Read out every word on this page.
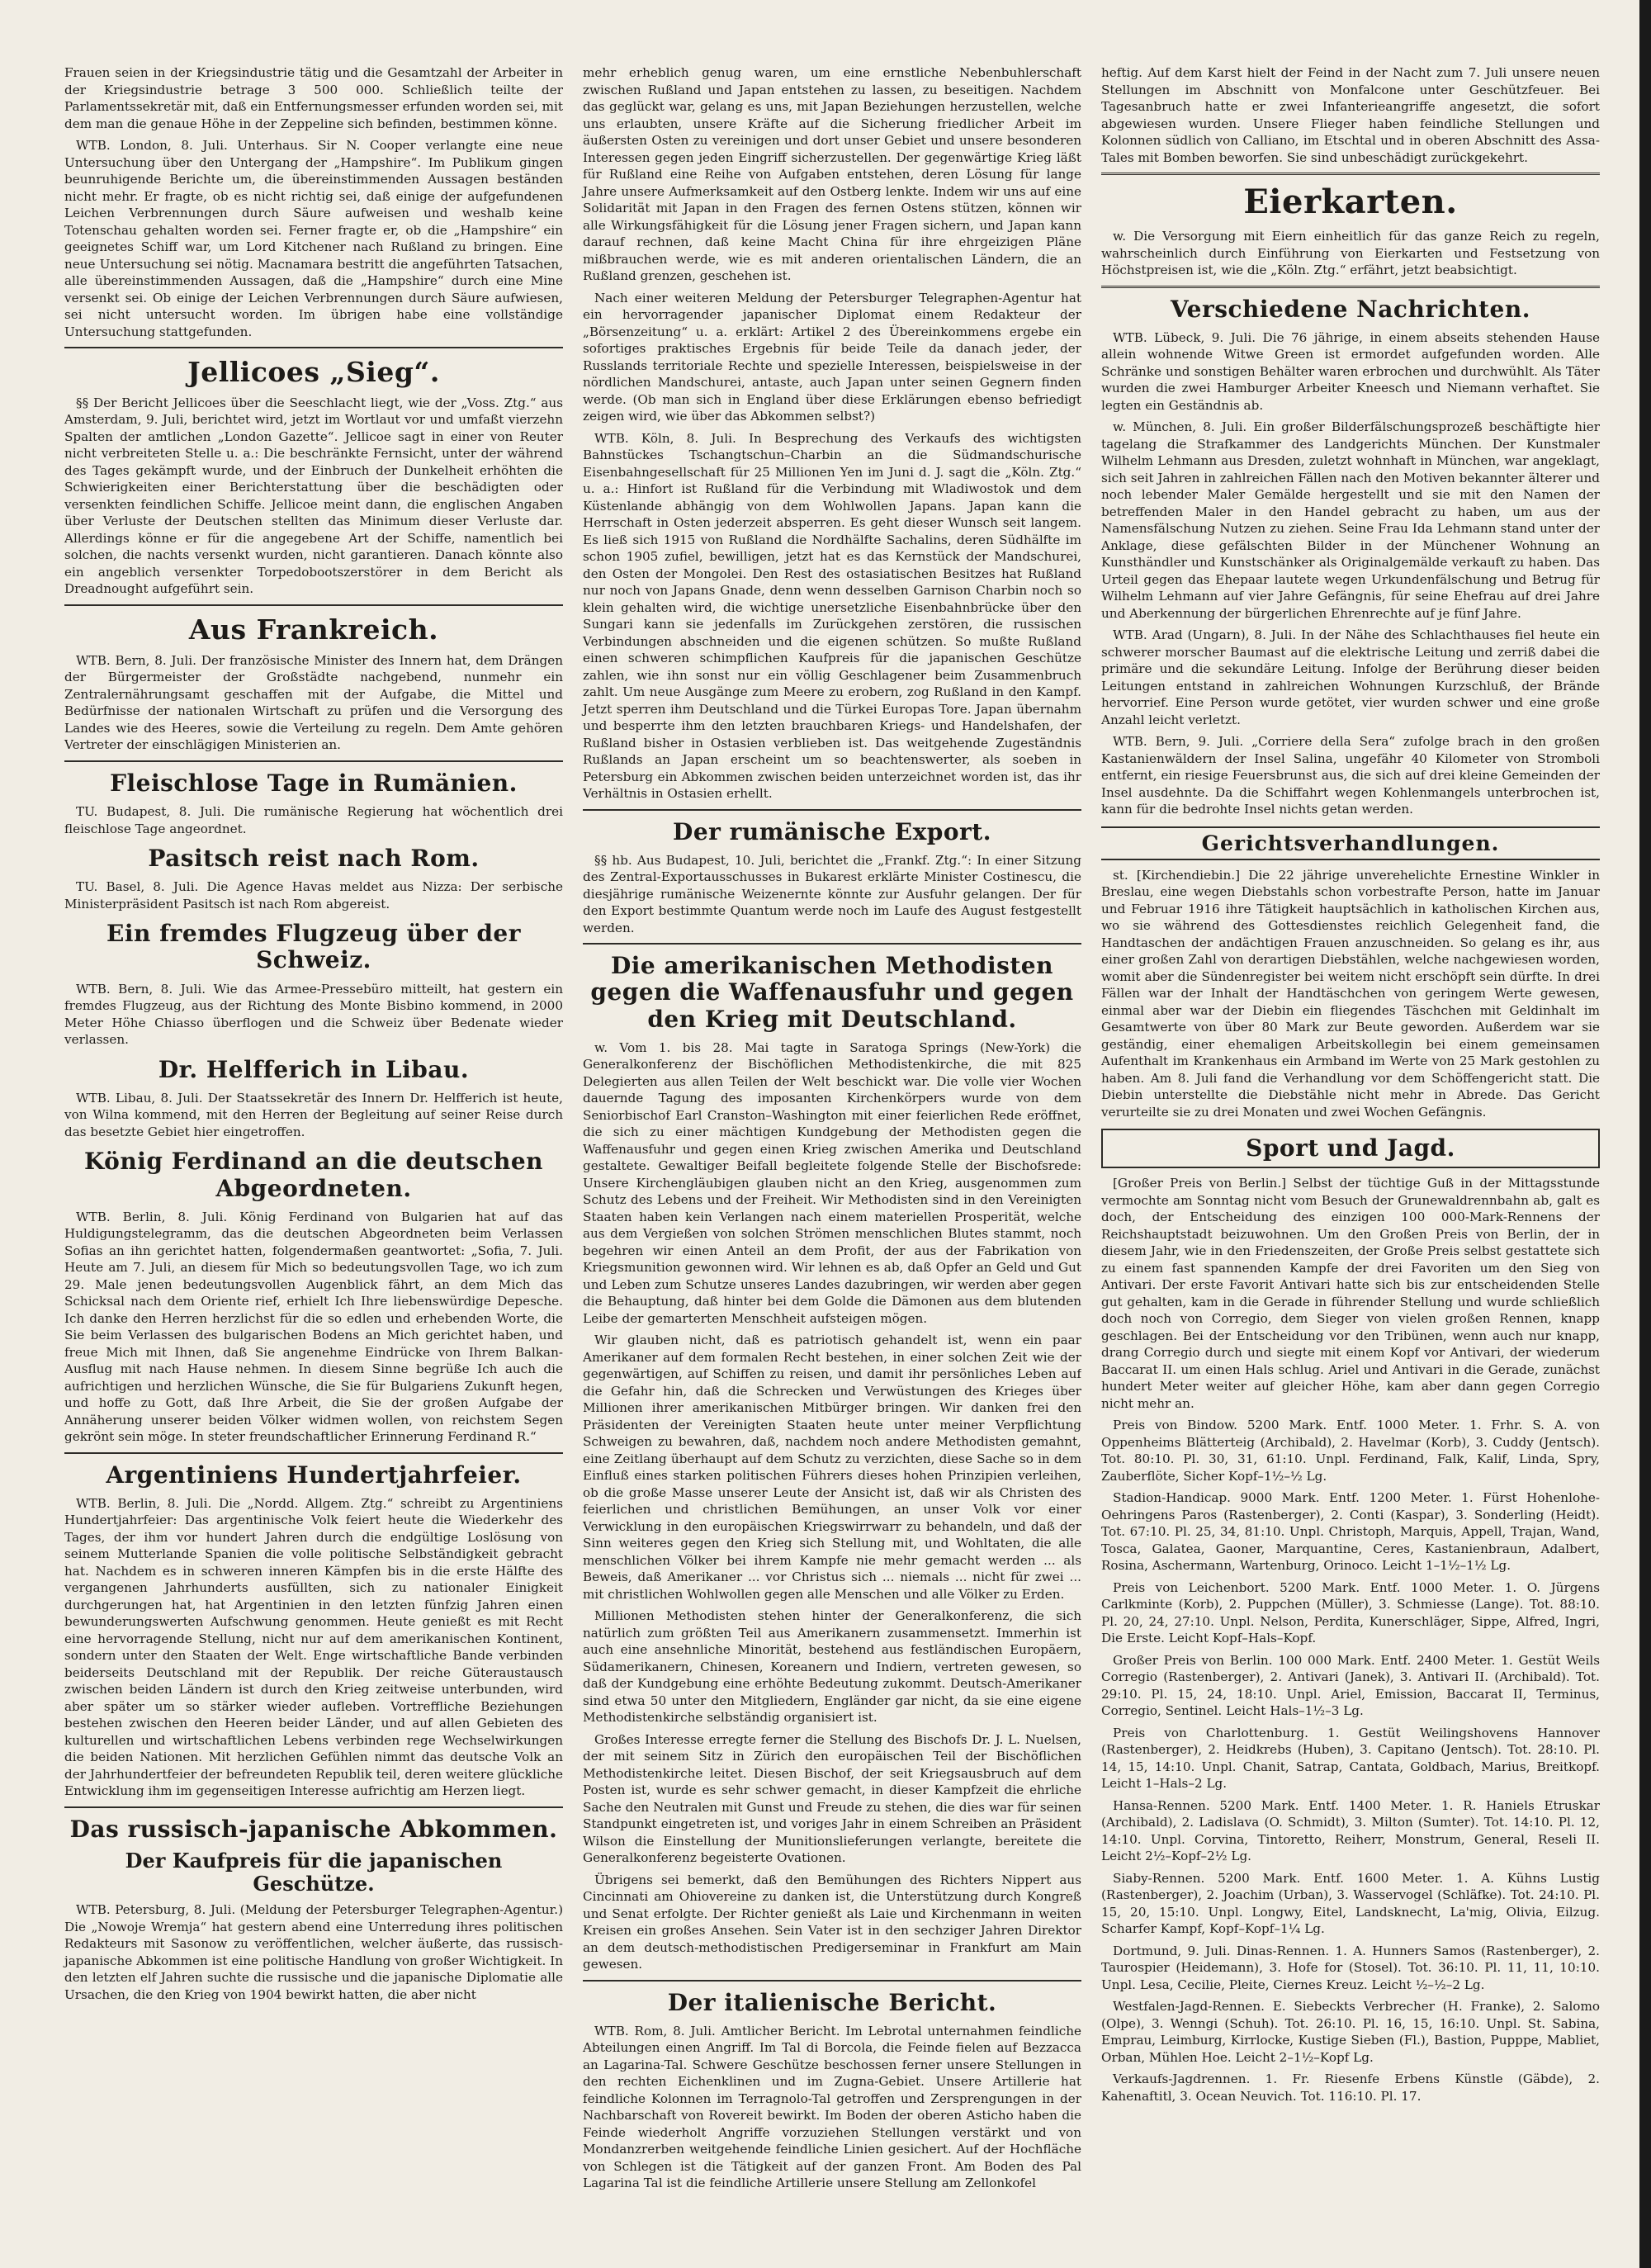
Frauen seien in der Kriegsindustrie tätig und die Gesamtzahl der Arbeiter in der Kriegsindustrie betrage 3 500 000. Schließlich teilte der Parlamentssekretär mit, daß ein Entfernungsmesser erfunden worden sei, mit dem man die genaue Höhe in der Zeppeline sich befinden, bestimmen könne.

WTB. London, 8. Juli. Unterhaus. Sir N. Cooper verlangte eine neue Untersuchung über den Untergang der „Hampshire“. Im Publikum gingen beunruhigende Berichte um, die übereinstimmenden Aussagen beständen nicht mehr. Er fragte, ob es nicht richtig sei, daß einige der aufgefundenen Leichen Verbrennungen durch Säure aufweisen und weshalb keine Totenschau gehalten worden sei. Ferner fragte er, ob die „Hampshire“ ein geeignetes Schiff war, um Lord Kitchener nach Rußland zu bringen. Eine neue Untersuchung sei nötig. Macnamara bestritt die angeführten Tatsachen, alle übereinstimmenden Aussagen, daß die „Hampshire“ durch eine Mine versenkt sei. Ob einige der Leichen Verbrennungen durch Säure aufwiesen, sei nicht untersucht worden. Im übrigen habe eine vollständige Untersuchung stattgefunden.

Jellicoes „Sieg“.

§§ Der Bericht Jellicoes über die Seeschlacht liegt, wie der „Voss. Ztg.“ aus Amsterdam, 9. Juli, berichtet wird, jetzt im Wortlaut vor und umfaßt vierzehn Spalten der amtlichen „London Gazette“. Jellicoe sagt in einer von Reuter nicht verbreiteten Stelle u. a.: Die beschränkte Fernsicht, unter der während des Tages gekämpft wurde, und der Einbruch der Dunkelheit erhöhten die Schwierigkeiten einer Berichterstattung über die beschädigten oder versenkten feindlichen Schiffe. Jellicoe meint dann, die englischen Angaben über Verluste der Deutschen stellten das Minimum dieser Verluste dar. Allerdings könne er für die angegebene Art der Schiffe, namentlich bei solchen, die nachts versenkt wurden, nicht garantieren. Danach könnte also ein angeblich versenkter Torpedobootszerstörer in dem Bericht als Dreadnought aufgeführt sein.

Aus Frankreich.

WTB. Bern, 8. Juli. Der französische Minister des Innern hat, dem Drängen der Bürgermeister der Großstädte nachgebend, nunmehr ein Zentralernährungsamt geschaffen mit der Aufgabe, die Mittel und Bedürfnisse der nationalen Wirtschaft zu prüfen und die Versorgung des Landes wie des Heeres, sowie die Verteilung zu regeln. Dem Amte gehören Vertreter der einschlägigen Ministerien an.

Fleischlose Tage in Rumänien.

TU. Budapest, 8. Juli. Die rumänische Regierung hat wöchentlich drei fleischlose Tage angeordnet.

Pasitsch reist nach Rom.

TU. Basel, 8. Juli. Die Agence Havas meldet aus Nizza: Der serbische Ministerpräsident Pasitsch ist nach Rom abgereist.

Ein fremdes Flugzeug über der Schweiz.

WTB. Bern, 8. Juli. Wie das Armee-Pressebüro mitteilt, hat gestern ein fremdes Flugzeug, aus der Richtung des Monte Bisbino kommend, in 2000 Meter Höhe Chiasso überflogen und die Schweiz über Bedenate wieder verlassen.

Dr. Helfferich in Libau.

WTB. Libau, 8. Juli. Der Staatssekretär des Innern Dr. Helfferich ist heute, von Wilna kommend, mit den Herren der Begleitung auf seiner Reise durch das besetzte Gebiet hier eingetroffen.

König Ferdinand an die deutschen Abgeordneten.

WTB. Berlin, 8. Juli. König Ferdinand von Bulgarien hat auf das Huldigungstelegramm, das die deutschen Abgeordneten beim Verlassen Sofias an ihn gerichtet hatten, folgendermaßen geantwortet: „Sofia, 7. Juli. Heute am 7. Juli, an diesem für Mich so bedeutungsvollen Tage, wo ich zum 29. Male jenen bedeutungsvollen Augenblick fährt, an dem Mich das Schicksal nach dem Oriente rief, erhielt Ich Ihre liebenswürdige Depesche. Ich danke den Herren herzlichst für die so edlen und erhebenden Worte, die Sie beim Verlassen des bulgarischen Bodens an Mich gerichtet haben, und freue Mich mit Ihnen, daß Sie angenehme Eindrücke von Ihrem Balkan-Ausflug mit nach Hause nehmen. In diesem Sinne begrüße Ich auch die aufrichtigen und herzlichen Wünsche, die Sie für Bulgariens Zukunft hegen, und hoffe zu Gott, daß Ihre Arbeit, die Sie der großen Aufgabe der Annäherung unserer beiden Völker widmen wollen, von reichstem Segen gekrönt sein möge. In steter freundschaftlicher Erinnerung Ferdinand R.“

Argentiniens Hundertjahrfeier.

WTB. Berlin, 8. Juli. Die „Nordd. Allgem. Ztg.“ schreibt zu Argentiniens Hundertjahrfeier: Das argentinische Volk feiert heute die Wiederkehr des Tages, der ihm vor hundert Jahren durch die endgültige Loslösung von seinem Mutterlande Spanien die volle politische Selbständigkeit gebracht hat. Nachdem es in schweren inneren Kämpfen bis in die erste Hälfte des vergangenen Jahrhunderts ausfüllten, sich zu nationaler Einigkeit durchgerungen hat, hat Argentinien in den letzten fünfzig Jahren einen bewunderungswerten Aufschwung genommen. Heute genießt es mit Recht eine hervorragende Stellung, nicht nur auf dem amerikanischen Kontinent, sondern unter den Staaten der Welt. Enge wirtschaftliche Bande verbinden beiderseits Deutschland mit der Republik. Der reiche Güteraustausch zwischen beiden Ländern ist durch den Krieg zeitweise unterbunden, wird aber später um so stärker wieder aufleben. Vortreffliche Beziehungen bestehen zwischen den Heeren beider Länder, und auf allen Gebieten des kulturellen und wirtschaftlichen Lebens verbinden rege Wechselwirkungen die beiden Nationen. Mit herzlichen Gefühlen nimmt das deutsche Volk an der Jahrhundertfeier der befreundeten Republik teil, deren weitere glückliche Entwicklung ihm im gegenseitigen Interesse aufrichtig am Herzen liegt.

Das russisch-japanische Abkommen.
Der Kaufpreis für die japanischen Geschütze.

WTB. Petersburg, 8. Juli. (Meldung der Petersburger Telegraphen-Agentur.) Die „Nowoje Wremja“ hat gestern abend eine Unterredung ihres politischen Redakteurs mit Sasonow zu veröffentlichen, welcher äußerte, das russisch-japanische Abkommen ist eine politische Handlung von großer Wichtigkeit. In den letzten elf Jahren suchte die russische und die japanische Diplomatie alle Ursachen, die den Krieg von 1904 bewirkt hatten, die aber nicht

mehr erheblich genug waren, um eine ernstliche Nebenbuhlerschaft zwischen Rußland und Japan entstehen zu lassen, zu beseitigen. Nachdem das geglückt war, gelang es uns, mit Japan Beziehungen herzustellen, welche uns erlaubten, unsere Kräfte auf die Sicherung friedlicher Arbeit im äußersten Osten zu vereinigen und dort unser Gebiet und unsere besonderen Interessen gegen jeden Eingriff sicherzustellen. Der gegenwärtige Krieg läßt für Rußland eine Reihe von Aufgaben entstehen, deren Lösung für lange Jahre unsere Aufmerksamkeit auf den Ostberg lenkte. Indem wir uns auf eine Solidarität mit Japan in den Fragen des fernen Ostens stützen, können wir alle Wirkungsfähigkeit für die Lösung jener Fragen sichern, und Japan kann darauf rechnen, daß keine Macht China für ihre ehrgeizigen Pläne mißbrauchen werde, wie es mit anderen orientalischen Ländern, die an Rußland grenzen, geschehen ist.

Nach einer weiteren Meldung der Petersburger Telegraphen-Agentur hat ein hervorragender japanischer Diplomat einem Redakteur der „Börsenzeitung“ u. a. erklärt: Artikel 2 des Übereinkommens ergebe ein sofortiges praktisches Ergebnis für beide Teile da danach jeder, der Russlands territoriale Rechte und spezielle Interessen, beispielsweise in der nördlichen Mandschurei, antaste, auch Japan unter seinen Gegnern finden werde. (Ob man sich in England über diese Erklärungen ebenso befriedigt zeigen wird, wie über das Abkommen selbst?)

WTB. Köln, 8. Juli. In Besprechung des Verkaufs des wichtigsten Bahnstückes Tschangtschun–Charbin an die Südmandschurische Eisenbahngesellschaft für 25 Millionen Yen im Juni d. J. sagt die „Köln. Ztg.“ u. a.: Hinfort ist Rußland für die Verbindung mit Wladiwostok und dem Küstenlande abhängig von dem Wohlwollen Japans. Japan kann die Herrschaft in Osten jederzeit absperren. Es geht dieser Wunsch seit langem. Es ließ sich 1915 von Rußland die Nordhälfte Sachalins, deren Südhälfte im schon 1905 zufiel, bewilligen, jetzt hat es das Kernstück der Mandschurei, den Osten der Mongolei. Den Rest des ostasiatischen Besitzes hat Rußland nur noch von Japans Gnade, denn wenn desselben Garnison Charbin noch so klein gehalten wird, die wichtige unersetzliche Eisenbahnbrücke über den Sungari kann sie jedenfalls im Zurückgehen zerstören, die russischen Verbindungen abschneiden und die eigenen schützen. So mußte Rußland einen schweren schimpflichen Kaufpreis für die japanischen Geschütze zahlen, wie ihn sonst nur ein völlig Geschlagener beim Zusammenbruch zahlt. Um neue Ausgänge zum Meere zu erobern, zog Rußland in den Kampf. Jetzt sperren ihm Deutschland und die Türkei Europas Tore. Japan übernahm und besperrte ihm den letzten brauchbaren Kriegs- und Handelshafen, der Rußland bisher in Ostasien verblieben ist. Das weitgehende Zugeständnis Rußlands an Japan erscheint um so beachtenswerter, als soeben in Petersburg ein Abkommen zwischen beiden unterzeichnet worden ist, das ihr Verhältnis in Ostasien erhellt.

Der rumänische Export.

§§ hb. Aus Budapest, 10. Juli, berichtet die „Frankf. Ztg.“: In einer Sitzung des Zentral-Exportausschusses in Bukarest erklärte Minister Costinescu, die diesjährige rumänische Weizenernte könnte zur Ausfuhr gelangen. Der für den Export bestimmte Quantum werde noch im Laufe des August festgestellt werden.

Die amerikanischen Methodisten gegen die Waffenausfuhr und gegen den Krieg mit Deutschland.

w. Vom 1. bis 28. Mai tagte in Saratoga Springs (New-York) die Generalkonferenz der Bischöflichen Methodistenkirche, die mit 825 Delegierten aus allen Teilen der Welt beschickt war. Die volle vier Wochen dauernde Tagung des imposanten Kirchenkörpers wurde von dem Seniorbischof Earl Cranston–Washington mit einer feierlichen Rede eröffnet, die sich zu einer mächtigen Kundgebung der Methodisten gegen die Waffenausfuhr und gegen einen Krieg zwischen Amerika und Deutschland gestaltete. Gewaltiger Beifall begleitete folgende Stelle der Bischofsrede: Unsere Kirchengläubigen glauben nicht an den Krieg, ausgenommen zum Schutz des Lebens und der Freiheit. Wir Methodisten sind in den Vereinigten Staaten haben kein Verlangen nach einem materiellen Prosperität, welche aus dem Vergießen von solchen Strömen menschlichen Blutes stammt, noch begehren wir einen Anteil an dem Profit, der aus der Fabrikation von Kriegsmunition gewonnen wird. Wir lehnen es ab, daß Opfer an Geld und Gut und Leben zum Schutze unseres Landes dazubringen, wir werden aber gegen die Behauptung, daß hinter bei dem Golde die Dämonen aus dem blutenden Leibe der gemarterten Menschheit aufsteigen mögen.

Wir glauben nicht, daß es patriotisch gehandelt ist, wenn ein paar Amerikaner auf dem formalen Recht bestehen, in einer solchen Zeit wie der gegenwärtigen, auf Schiffen zu reisen, und damit ihr persönliches Leben auf die Gefahr hin, daß die Schrecken und Verwüstungen des Krieges über Millionen ihrer amerikanischen Mitbürger bringen. Wir danken frei den Präsidenten der Vereinigten Staaten heute unter meiner Verpflichtung Schweigen zu bewahren, daß, nachdem noch andere Methodisten gemahnt, eine Zeitlang überhaupt auf dem Schutz zu verzichten, diese Sache so in dem Einfluß eines starken politischen Führers dieses hohen Prinzipien verleihen, ob die große Masse unserer Leute der Ansicht ist, daß wir als Christen des feierlichen und christlichen Bemühungen, an unser Volk vor einer Verwicklung in den europäischen Kriegswirrwarr zu behandeln, und daß der Sinn weiteres gegen den Krieg sich Stellung mit, und Wohltaten, die alle menschlichen Völker bei ihrem Kampfe nie mehr gemacht werden ... als Beweis, daß Amerikaner ... vor Christus sich ... niemals ... nicht für zwei ... mit christlichen Wohlwollen gegen alle Menschen und alle Völker zu Erden.

Millionen Methodisten stehen hinter der Generalkonferenz, die sich natürlich zum größten Teil aus Amerikanern zusammensetzt. Immerhin ist auch eine ansehnliche Minorität, bestehend aus festländischen Europäern, Südamerikanern, Chinesen, Koreanern und Indiern, vertreten gewesen, so daß der Kundgebung eine erhöhte Bedeutung zukommt. Deutsch-Amerikaner sind etwa 50 unter den Mitgliedern, Engländer gar nicht, da sie eine eigene Methodistenkirche selbständig organisiert ist.

Großes Interesse erregte ferner die Stellung des Bischofs Dr. J. L. Nuelsen, der mit seinem Sitz in Zürich den europäischen Teil der Bischöflichen Methodistenkirche leitet. Diesen Bischof, der seit Kriegsausbruch auf dem Posten ist, wurde es sehr schwer gemacht, in dieser Kampfzeit die ehrliche Sache den Neutralen mit Gunst und Freude zu stehen, die dies war für seinen Standpunkt eingetreten ist, und voriges Jahr in einem Schreiben an Präsident Wilson die Einstellung der Munitionslieferungen verlangte, bereitete die Generalkonferenz begeisterte Ovationen.

Übrigens sei bemerkt, daß den Bemühungen des Richters Nippert aus Cincinnati am Ohiovereine zu danken ist, die Unterstützung durch Kongreß und Senat erfolgte. Der Richter genießt als Laie und Kirchenmann in weiten Kreisen ein großes Ansehen. Sein Vater ist in den sechziger Jahren Direktor an dem deutsch-methodistischen Predigerseminar in Frankfurt am Main gewesen.

Der italienische Bericht.

WTB. Rom, 8. Juli. Amtlicher Bericht. Im Lebrotal unternahmen feindliche Abteilungen einen Angriff. Im Tal di Borcola, die Feinde fielen auf Bezzacca an Lagarina-Tal. Schwere Geschütze beschossen ferner unsere Stellungen in den rechten Eichenklinen und im Zugna-Gebiet. Unsere Artillerie hat feindliche Kolonnen im Terragnolo-Tal getroffen und Zersprengungen in der Nachbarschaft von Rovereit bewirkt. Im Boden der oberen Asticho haben die Feinde wiederholt Angriffe vorzuziehen Stellungen verstärkt und von Mondanzrerben weitgehende feindliche Linien gesichert. Auf der Hochfläche von Schlegen ist die Tätigkeit auf der ganzen Front. Am Boden des Pal Lagarina Tal ist die feindliche Artillerie unsere Stellung am Zellonkofel

heftig. Auf dem Karst hielt der Feind in der Nacht zum 7. Juli unsere neuen Stellungen im Abschnitt von Monfalcone unter Geschützfeuer. Bei Tagesanbruch hatte er zwei Infanterieangriffe angesetzt, die sofort abgewiesen wurden. Unsere Flieger haben feindliche Stellungen und Kolonnen südlich von Calliano, im Etschtal und in oberen Abschnitt des Assa-Tales mit Bomben beworfen. Sie sind unbeschädigt zurückgekehrt.

Eierkarten.

w. Die Versorgung mit Eiern einheitlich für das ganze Reich zu regeln, wahrscheinlich durch Einführung von Eierkarten und Festsetzung von Höchstpreisen ist, wie die „Köln. Ztg.“ erfährt, jetzt beabsichtigt.

Verschiedene Nachrichten.

WTB. Lübeck, 9. Juli. Die 76 jährige, in einem abseits stehenden Hause allein wohnende Witwe Green ist ermordet aufgefunden worden. Alle Schränke und sonstigen Behälter waren erbrochen und durchwühlt. Als Täter wurden die zwei Hamburger Arbeiter Kneesch und Niemann verhaftet. Sie legten ein Geständnis ab.

w. München, 8. Juli. Ein großer Bilderfälschungsprozeß beschäftigte hier tagelang die Strafkammer des Landgerichts München. Der Kunstmaler Wilhelm Lehmann aus Dresden, zuletzt wohnhaft in München, war angeklagt, sich seit Jahren in zahlreichen Fällen nach den Motiven bekannter älterer und noch lebender Maler Gemälde hergestellt und sie mit den Namen der betreffenden Maler in den Handel gebracht zu haben, um aus der Namensfälschung Nutzen zu ziehen. Seine Frau Ida Lehmann stand unter der Anklage, diese gefälschten Bilder in der Münchener Wohnung an Kunsthändler und Kunstschänker als Originalgemälde verkauft zu haben. Das Urteil gegen das Ehepaar lautete wegen Urkundenfälschung und Betrug für Wilhelm Lehmann auf vier Jahre Gefängnis, für seine Ehefrau auf drei Jahre und Aberkennung der bürgerlichen Ehrenrechte auf je fünf Jahre.

WTB. Arad (Ungarn), 8. Juli. In der Nähe des Schlachthauses fiel heute ein schwerer morscher Baumast auf die elektrische Leitung und zerriß dabei die primäre und die sekundäre Leitung. Infolge der Berührung dieser beiden Leitungen entstand in zahlreichen Wohnungen Kurzschluß, der Brände hervorrief. Eine Person wurde getötet, vier wurden schwer und eine große Anzahl leicht verletzt.

WTB. Bern, 9. Juli. „Corriere della Sera“ zufolge brach in den großen Kastanienwäldern der Insel Salina, ungefähr 40 Kilometer von Stromboli entfernt, ein riesige Feuersbrunst aus, die sich auf drei kleine Gemeinden der Insel ausdehnte. Da die Schiffahrt wegen Kohlenmangels unterbrochen ist, kann für die bedrohte Insel nichts getan werden.

Gerichtsverhandlungen.

st. [Kirchendiebin.] Die 22 jährige unverehelichte Ernestine Winkler in Breslau, eine wegen Diebstahls schon vorbestrafte Person, hatte im Januar und Februar 1916 ihre Tätigkeit hauptsächlich in katholischen Kirchen aus, wo sie während des Gottesdienstes reichlich Gelegenheit fand, die Handtaschen der andächtigen Frauen anzuschneiden. So gelang es ihr, aus einer großen Zahl von derartigen Diebstählen, welche nachgewiesen worden, womit aber die Sündenregister bei weitem nicht erschöpft sein dürfte. In drei Fällen war der Inhalt der Handtäschchen von geringem Werte gewesen, einmal aber war der Diebin ein fliegendes Täschchen mit Geldinhalt im Gesamtwerte von über 80 Mark zur Beute geworden. Außerdem war sie geständig, einer ehemaligen Arbeitskollegin bei einem gemeinsamen Aufenthalt im Krankenhaus ein Armband im Werte von 25 Mark gestohlen zu haben. Am 8. Juli fand die Verhandlung vor dem Schöffengericht statt. Die Diebin unterstellte die Diebstähle nicht mehr in Abrede. Das Gericht verurteilte sie zu drei Monaten und zwei Wochen Gefängnis.

Sport und Jagd.

[Großer Preis von Berlin.] Selbst der tüchtige Guß in der Mittagsstunde vermochte am Sonntag nicht vom Besuch der Grunewaldrennbahn ab, galt es doch, der Entscheidung des einzigen 100 000-Mark-Rennens der Reichshauptstadt beizuwohnen. Um den Großen Preis von Berlin, der in diesem Jahr, wie in den Friedenszeiten, der Große Preis selbst gestattete sich zu einem fast spannenden Kampfe der drei Favoriten um den Sieg von Antivari. Der erste Favorit Antivari hatte sich bis zur entscheidenden Stelle gut gehalten, kam in die Gerade in führender Stellung und wurde schließlich doch noch von Corregio, dem Sieger von vielen großen Rennen, knapp geschlagen. Bei der Entscheidung vor den Tribünen, wenn auch nur knapp, drang Corregio durch und siegte mit einem Kopf vor Antivari, der wiederum Baccarat II. um einen Hals schlug. Ariel und Antivari in die Gerade, zunächst hundert Meter weiter auf gleicher Höhe, kam aber dann gegen Corregio nicht mehr an.

Preis von Bindow. 5200 Mark. Entf. 1000 Meter. 1. Frhr. S. A. von Oppenheims Blätterteig (Archibald), 2. Havelmar (Korb), 3. Cuddy (Jentsch). Tot. 80:10. Pl. 30, 31, 61:10. Unpl. Ferdinand, Falk, Kalif, Linda, Spry, Zauberflöte, Sicher Kopf–1½–½ Lg.

Stadion-Handicap. 9000 Mark. Entf. 1200 Meter. 1. Fürst Hohenlohe-Oehringens Paros (Rastenberger), 2. Conti (Kaspar), 3. Sonderling (Heidt). Tot. 67:10. Pl. 25, 34, 81:10. Unpl. Christoph, Marquis, Appell, Trajan, Wand, Tosca, Galatea, Gaoner, Marquantine, Ceres, Kastanienbraun, Adalbert, Rosina, Aschermann, Wartenburg, Orinoco. Leicht 1–1½–1½ Lg.

Preis von Leichenbort. 5200 Mark. Entf. 1000 Meter. 1. O. Jürgens Carlkminte (Korb), 2. Puppchen (Müller), 3. Schmiesse (Lange). Tot. 88:10. Pl. 20, 24, 27:10. Unpl. Nelson, Perdita, Kunerschläger, Sippe, Alfred, Ingri, Die Erste. Leicht Kopf–Hals–Kopf.

Großer Preis von Berlin. 100 000 Mark. Entf. 2400 Meter. 1. Gestüt Weils Corregio (Rastenberger), 2. Antivari (Janek), 3. Antivari II. (Archibald). Tot. 29:10. Pl. 15, 24, 18:10. Unpl. Ariel, Emission, Baccarat II, Terminus, Corregio, Sentinel. Leicht Hals–1½–3 Lg.

Preis von Charlottenburg. 1. Gestüt Weilingshovens Hannover (Rastenberger), 2. Heidkrebs (Huben), 3. Capitano (Jentsch). Tot. 28:10. Pl. 14, 15, 14:10. Unpl. Chanit, Satrap, Cantata, Goldbach, Marius, Breitkopf. Leicht 1–Hals–2 Lg.

Hansa-Rennen. 5200 Mark. Entf. 1400 Meter. 1. R. Haniels Etruskar (Archibald), 2. Ladislava (O. Schmidt), 3. Milton (Sumter). Tot. 14:10. Pl. 12, 14:10. Unpl. Corvina, Tintoretto, Reiherr, Monstrum, General, Reseli II. Leicht 2½–Kopf–2½ Lg.

Siaby-Rennen. 5200 Mark. Entf. 1600 Meter. 1. A. Kühns Lustig (Rastenberger), 2. Joachim (Urban), 3. Wasservogel (Schläfke). Tot. 24:10. Pl. 15, 20, 15:10. Unpl. Longwy, Eitel, Landsknecht, La'mig, Olivia, Eilzug. Scharfer Kampf, Kopf–Kopf–1¼ Lg.

Dortmund, 9. Juli. Dinas-Rennen. 1. A. Hunners Samos (Rastenberger), 2. Taurospier (Heidemann), 3. Hofe for (Stosel). Tot. 36:10. Pl. 11, 11, 10:10. Unpl. Lesa, Cecilie, Pleite, Ciernes Kreuz. Leicht ½–½–2 Lg.

Westfalen-Jagd-Rennen. E. Siebeckts Verbrecher (H. Franke), 2. Salomo (Olpe), 3. Wenngi (Schuh). Tot. 26:10. Pl. 16, 15, 16:10. Unpl. St. Sabina, Emprau, Leimburg, Kirrlocke, Kustige Sieben (Fl.), Bastion, Pupppe, Mabliet, Orban, Mühlen Hoe. Leicht 2–1½–Kopf Lg.

Verkaufs-Jagdrennen. 1. Fr. Riesenfe Erbens Künstle (Gäbde), 2. Kahenaftitl, 3. Ocean Neuvich. Tot. 116:10. Pl. 17.
